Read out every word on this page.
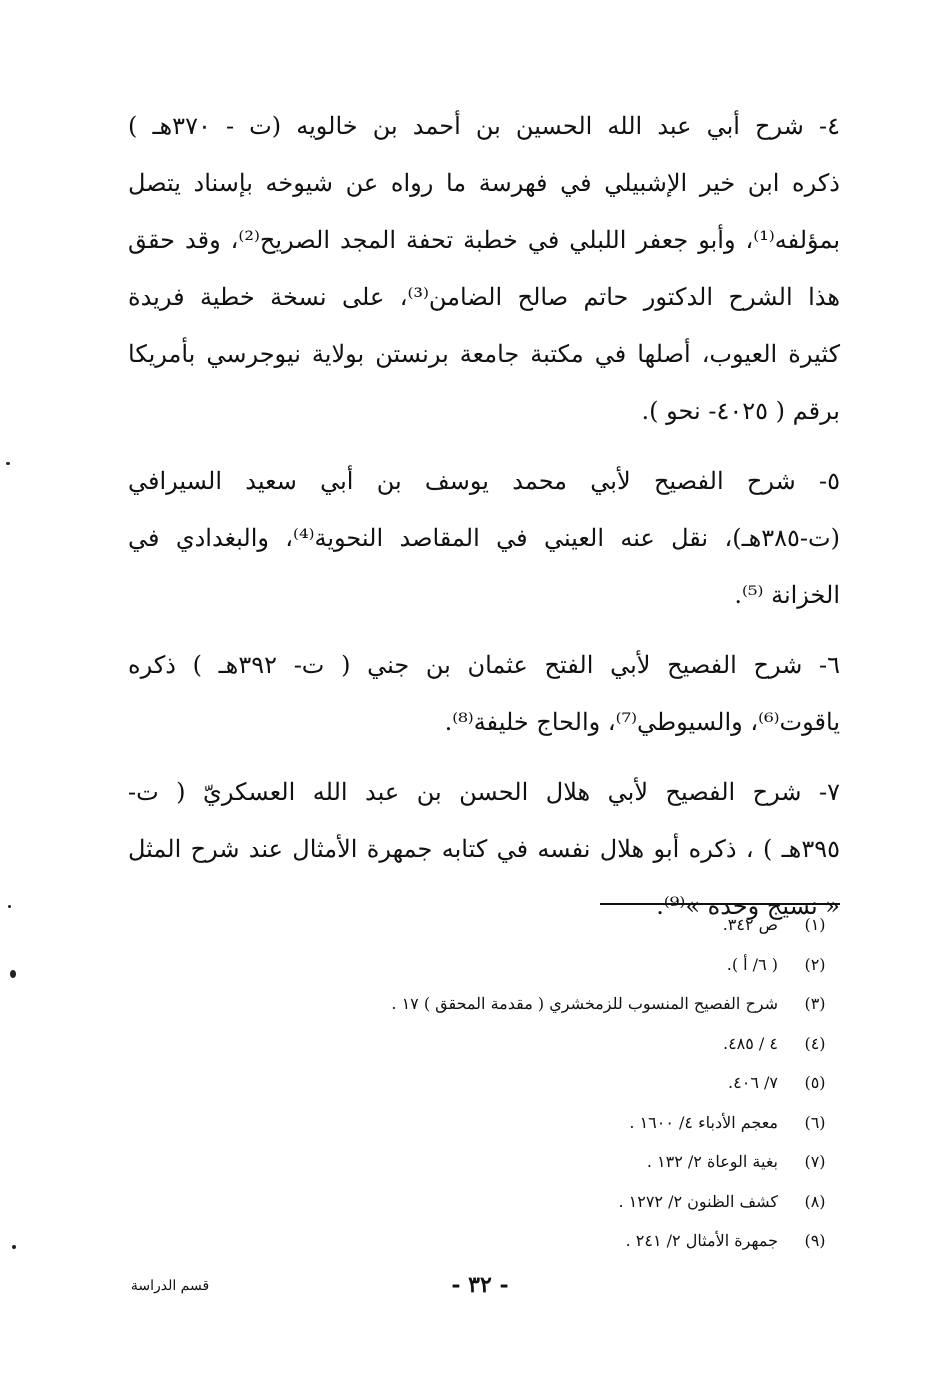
٤- شرح أبي عبد الله الحسين بن أحمد بن خالويه (ت - ٣٧٠هـ )
ذكره ابن خير الإشبيلي في فهرسة ما رواه عن شيوخه بإسناد يتصل
بمؤلفه⁽¹⁾، وأبو جعفر اللبلي في خطبة تحفة المجد الصريح⁽²⁾، وقد حقق
هذا الشرح الدكتور حاتم صالح الضامن⁽³⁾، على نسخة خطية فريدة
كثيرة العيوب، أصلها في مكتبة جامعة برنستن بولاية نيوجرسي بأمريكا
برقم ( ٤٠٢٥- نحو ).

٥- شرح الفصيح لأبي محمد يوسف بن أبي سعيد السيرافي
(ت-٣٨٥هـ)، نقل عنه العيني في المقاصد النحوية⁽⁴⁾، والبغدادي في
الخزانة ⁽⁵⁾.

٦- شرح الفصيح لأبي الفتح عثمان بن جني ( ت- ٣٩٢هـ ) ذكره
ياقوت⁽⁶⁾، والسيوطي⁽⁷⁾، والحاج خليفة⁽⁸⁾.

٧- شرح الفصيح لأبي هلال الحسن بن عبد الله العسكريّ ( ت-
٣٩٥هـ ) ، ذكره أبو هلال نفسه في كتابه جمهرة الأمثال عند شرح المثل
« نسيج وحده »⁽⁹⁾.

(١)
ص ٣٤٢.
(٢)
( ٦/ أ ).
(٣)
شرح الفصيح المنسوب للزمخشري ( مقدمة المحقق ) ١٧ .
(٤)
٤ / ٤٨٥.
(٥)
٧/ ٤٠٦.
(٦)
معجم الأدباء ٤/ ١٦٠٠ .
(٧)
بغية الوعاة ٢/ ١٣٢ .
(٨)
كشف الظنون ٢/ ١٢٧٢ .
(٩)
جمهرة الأمثال ٢/ ٢٤١ .
- ٣٢ -
قسم الدراسة
